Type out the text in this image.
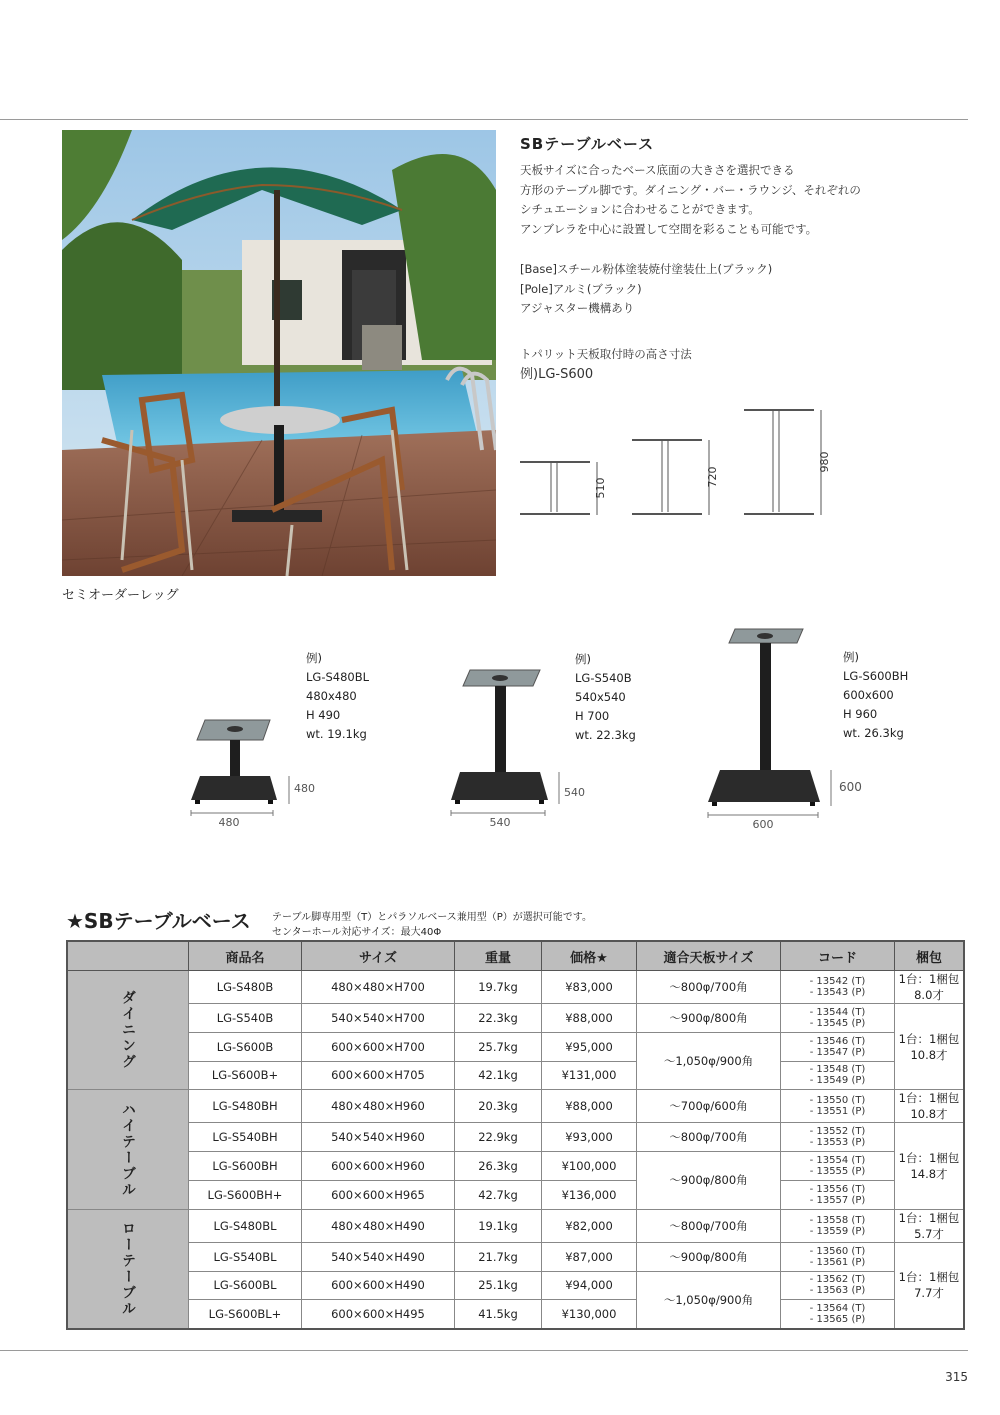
セミオーダーレッグ
SBテーブルベース
天板サイズに合ったベース底面の大きさを選択できる
方形のテーブル脚です。ダイニング・バー・ラウンジ、それぞれの
シチュエーションに合わせることができます。
アンブレラを中心に設置して空間を彩ることも可能です。
[Base]スチール粉体塗装焼付塗装仕上(ブラック)
[Pole]アルミ(ブラック)
アジャスター機構あり
トパリット天板取付時の高さ寸法
例)LG-S600
510
720
980
例)
LG-S480BL
480x480
H 490
wt. 19.1kg
例)
LG-S540B
540x540
H 700
wt. 22.3kg
例)
LG-S600BH
600x600
H 960
wt. 26.3kg
480
480
540
540
600
600
★SBテーブルベース テーブル脚専用型（T）とパラソルベース兼用型（P）が選択可能です。
センターホール対応サイズ：最大40Φ
	商品名	サイズ	重量	価格★	適合天板サイズ	コード	梱包
ダイニング	LG-S480B	480×480×H700	19.7kg	¥83,000	～800φ/700角	- 13542 (T)
- 13543 (P)	1台：1梱包 8.0才
	LG-S540B	540×540×H700	22.3kg	¥88,000	～900φ/800角	- 13544 (T)
- 13545 (P)	1台：1梱包 10.8才
	LG-S600B	600×600×H700	25.7kg	¥95,000	～1,050φ/900角	- 13546 (T)
- 13547 (P)	

	LG-S600B+	600×600×H705	42.1kg	¥131,000		- 13548 (T)
- 13549 (P)	

ハイテーブル	LG-S480BH	480×480×H960	20.3kg	¥88,000	～700φ/600角	- 13550 (T)
- 13551 (P)	1台：1梱包 10.8才
	LG-S540BH	540×540×H960	22.9kg	¥93,000	～800φ/700角	- 13552 (T)
- 13553 (P)	1台：1梱包 14.8才
	LG-S600BH	600×600×H960	26.3kg	¥100,000	～900φ/800角	- 13554 (T)
- 13555 (P)	

	LG-S600BH+	600×600×H965	42.7kg	¥136,000		- 13556 (T)
- 13557 (P)	

ローテーブル	LG-S480BL	480×480×H490	19.1kg	¥82,000	～800φ/700角	- 13558 (T)
- 13559 (P)	1台：1梱包 5.7才
	LG-S540BL	540×540×H490	21.7kg	¥87,000	～900φ/800角	- 13560 (T)
- 13561 (P)	1台：1梱包 7.7才
	LG-S600BL	600×600×H490	25.1kg	¥94,000	～1,050φ/900角	- 13562 (T)
- 13563 (P)	

	LG-S600BL+	600×600×H495	41.5kg	¥130,000		- 13564 (T)
- 13565 (P)	
315
